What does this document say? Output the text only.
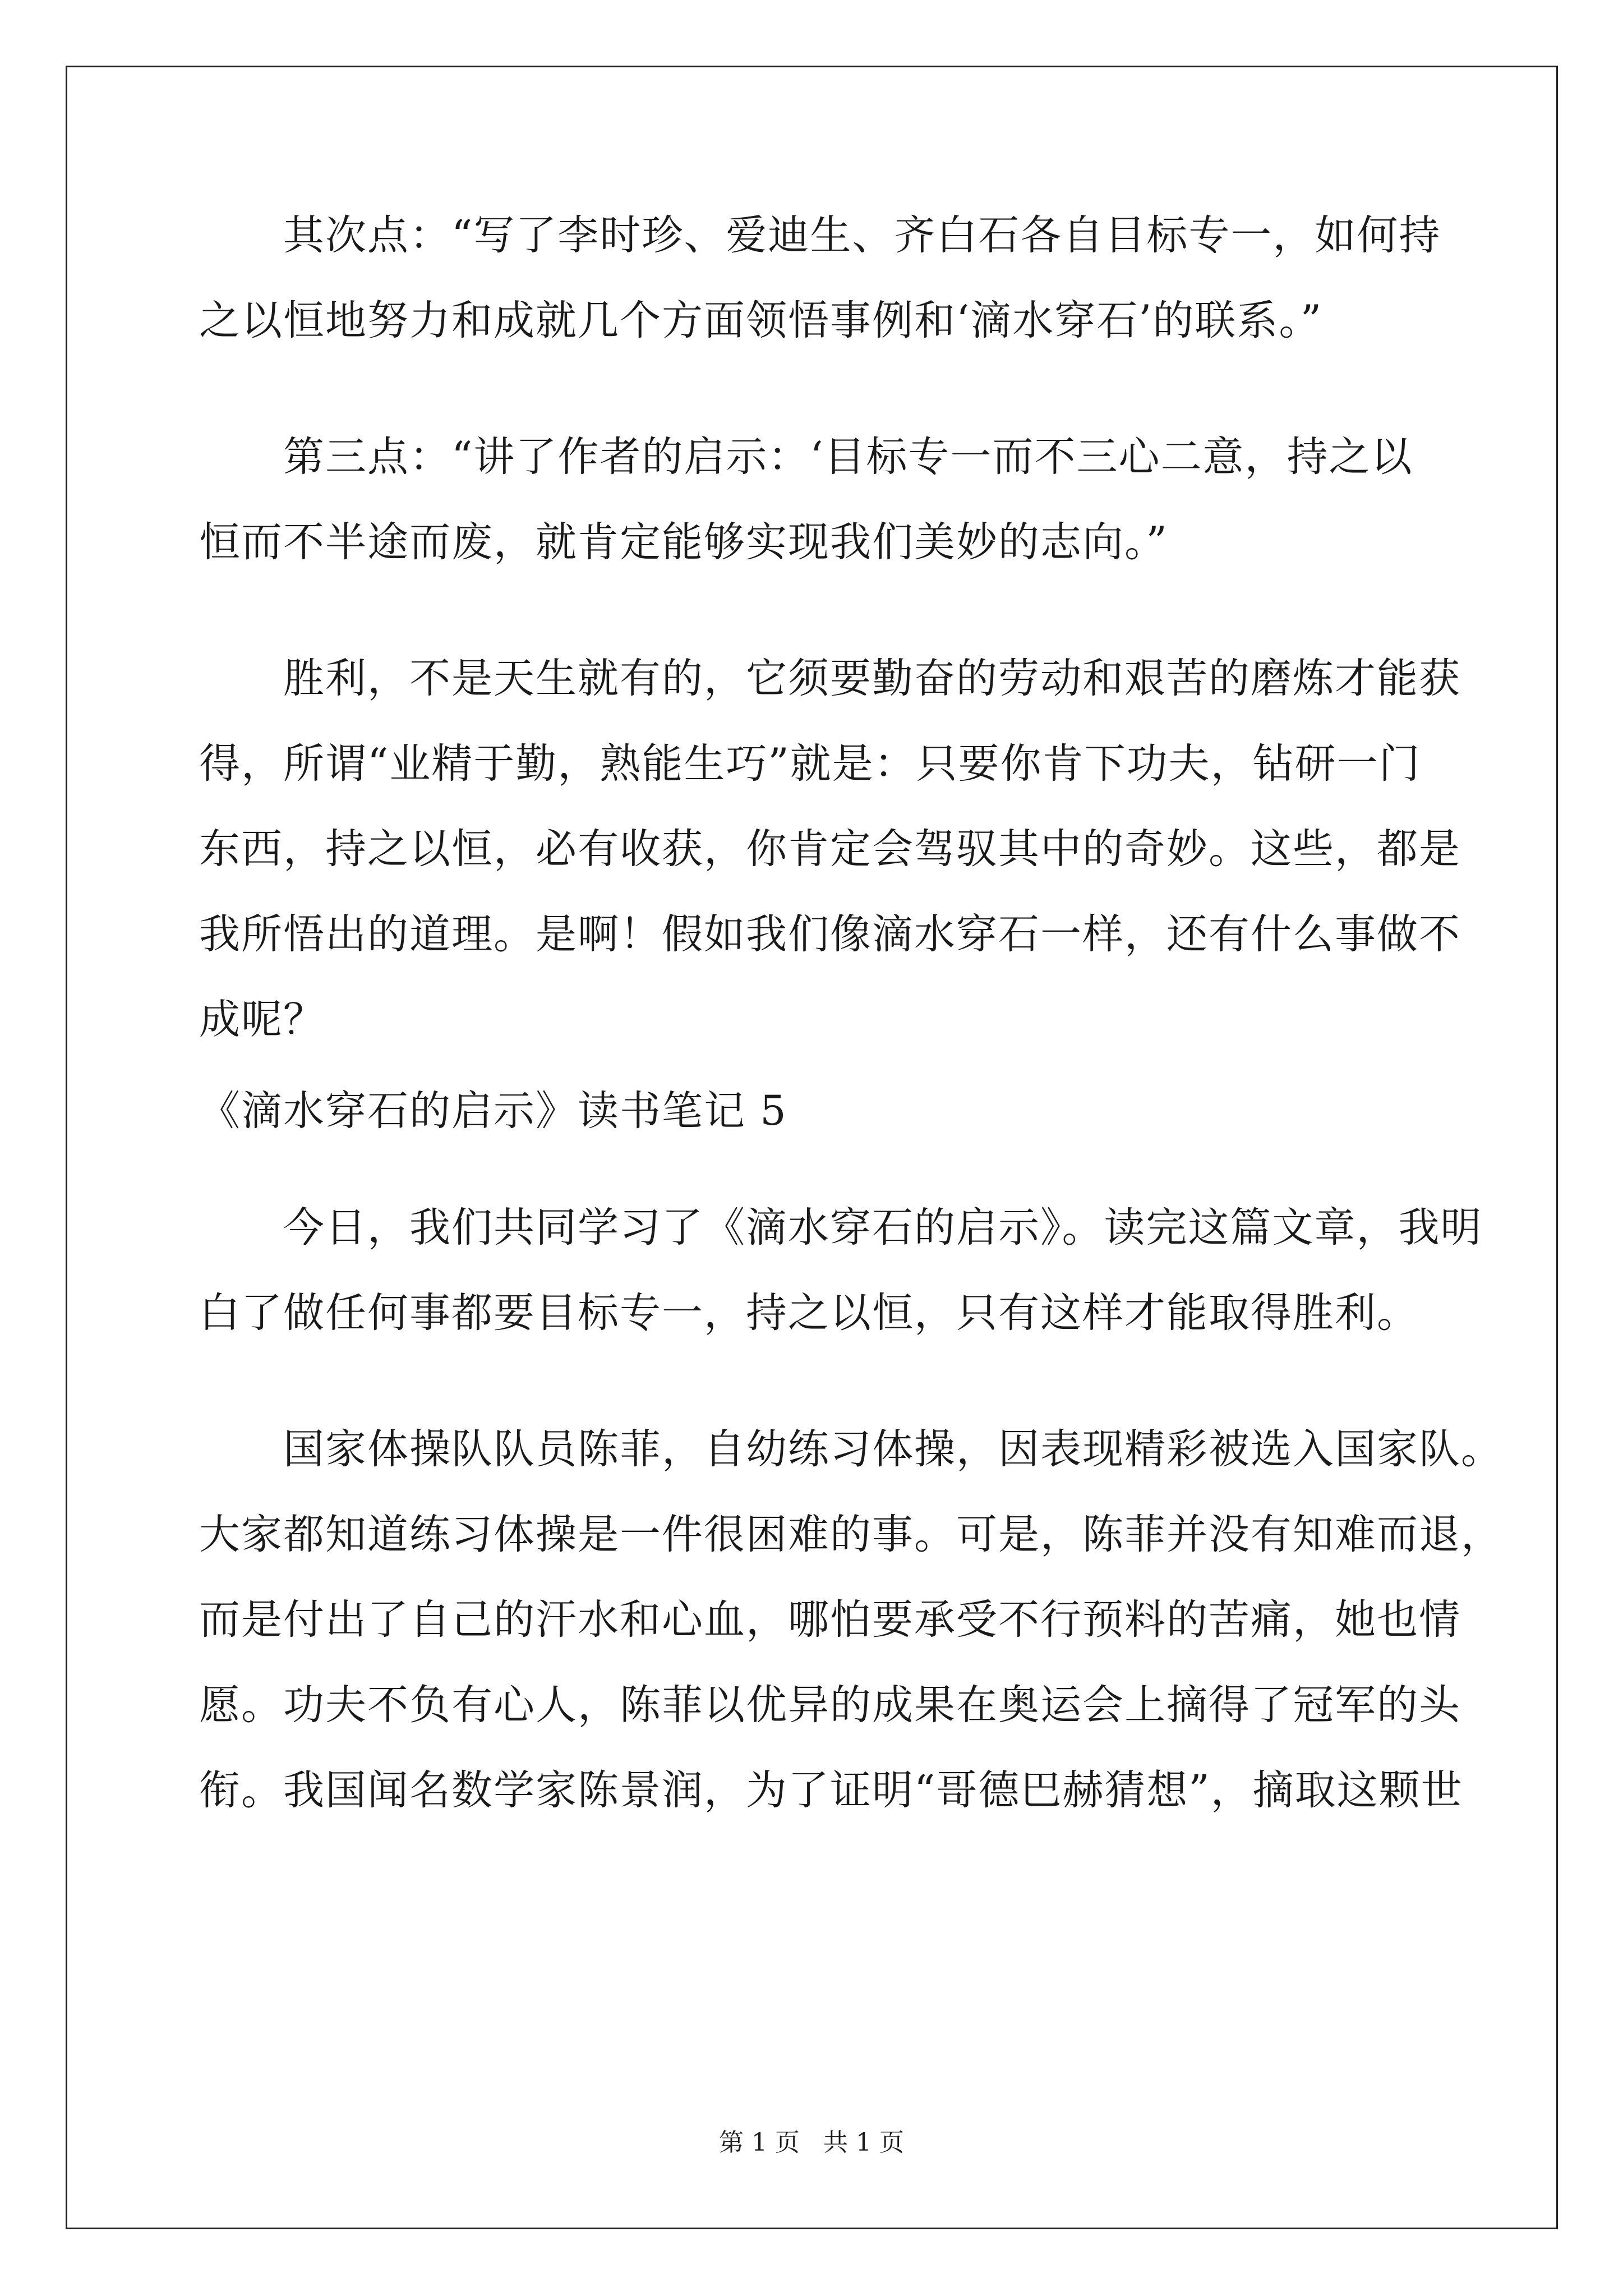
其次点：“写了李时珍、爱迪生、齐白石各自目标专一，如何持
之以恒地努力和成就几个方面领悟事例和‘滴水穿石’的联系。”
第三点：“讲了作者的启示：‘目标专一而不三心二意，持之以
恒而不半途而废，就肯定能够实现我们美妙的志向。”
胜利，不是天生就有的，它须要勤奋的劳动和艰苦的磨炼才能获
得，所谓“业精于勤，熟能生巧”就是：只要你肯下功夫，钻研一门
东西，持之以恒，必有收获，你肯定会驾驭其中的奇妙。这些，都是
我所悟出的道理。是啊！假如我们像滴水穿石一样，还有什么事做不
成呢？
《滴水穿石的启示》读书笔记 5
今日，我们共同学习了《滴水穿石的启示》。读完这篇文章，我明
白了做任何事都要目标专一，持之以恒，只有这样才能取得胜利。
国家体操队队员陈菲，自幼练习体操，因表现精彩被选入国家队。
大家都知道练习体操是一件很困难的事。可是，陈菲并没有知难而退，
而是付出了自己的汗水和心血，哪怕要承受不行预料的苦痛，她也情
愿。功夫不负有心人，陈菲以优异的成果在奥运会上摘得了冠军的头
衔。我国闻名数学家陈景润，为了证明“哥德巴赫猜想”，摘取这颗世
第 1 页   共 1 页
